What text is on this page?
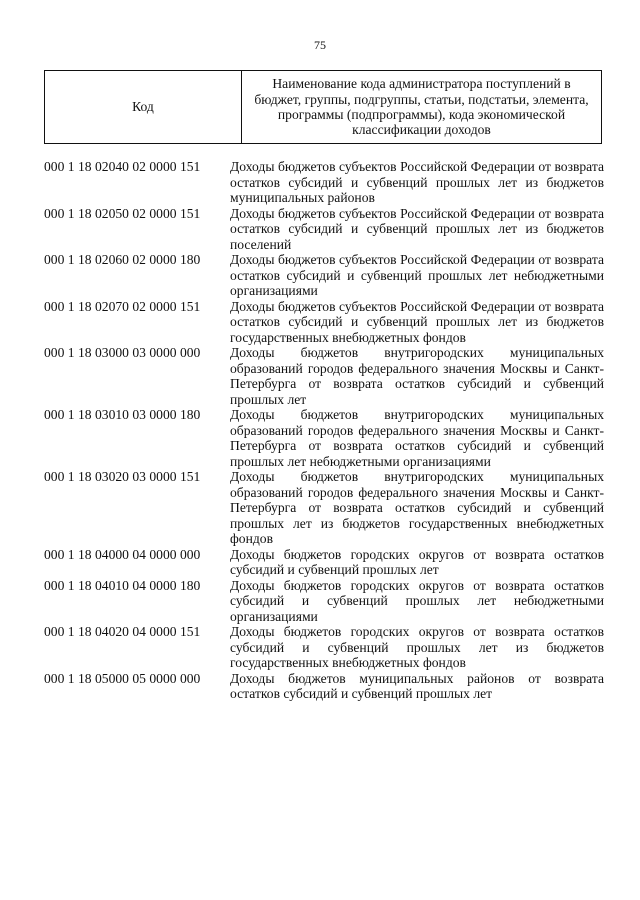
75
Код	Наименование кода администратора поступлений в бюджет, группы, подгруппы, статьи, подстатьи, элемента, программы (подпрограммы), кода экономической классификации доходов
000 1 18 02040 02 0000 151	Доходы бюджетов субъектов Российской Федерации от возврата остатков субсидий и субвенций прошлых лет из бюджетов муниципальных районов
000 1 18 02050 02 0000 151	Доходы бюджетов субъектов Российской Федерации от возврата остатков субсидий и субвенций прошлых лет из бюджетов поселений
000 1 18 02060 02 0000 180	Доходы бюджетов субъектов Российской Федерации от возврата остатков субсидий и субвенций прошлых лет небюджетными организациями
000 1 18 02070 02 0000 151	Доходы бюджетов субъектов Российской Федерации от возврата остатков субсидий и субвенций прошлых лет из бюджетов государственных внебюджетных фондов
000 1 18 03000 03 0000 000	Доходы бюджетов внутригородских муниципальных образований городов федерального значения Москвы и Санкт-Петербурга от возврата остатков субсидий и субвенций прошлых лет
000 1 18 03010 03 0000 180	Доходы бюджетов внутригородских муниципальных образований городов федерального значения Москвы и Санкт-Петербурга от возврата остатков субсидий и субвенций прошлых лет небюджетными организациями
000 1 18 03020 03 0000 151	Доходы бюджетов внутригородских муниципальных образований городов федерального значения Москвы и Санкт-Петербурга от возврата остатков субсидий и субвенций прошлых лет из бюджетов государственных внебюджетных фондов
000 1 18 04000 04 0000 000	Доходы бюджетов городских округов от возврата остатков субсидий и субвенций прошлых лет
000 1 18 04010 04 0000 180	Доходы бюджетов городских округов от возврата остатков субсидий и субвенций прошлых лет небюджетными организациями
000 1 18 04020 04 0000 151	Доходы бюджетов городских округов от возврата остатков субсидий и субвенций прошлых лет из бюджетов государственных внебюджетных фондов
000 1 18 05000 05 0000 000	Доходы бюджетов муниципальных районов от возврата остатков субсидий и субвенций прошлых лет
